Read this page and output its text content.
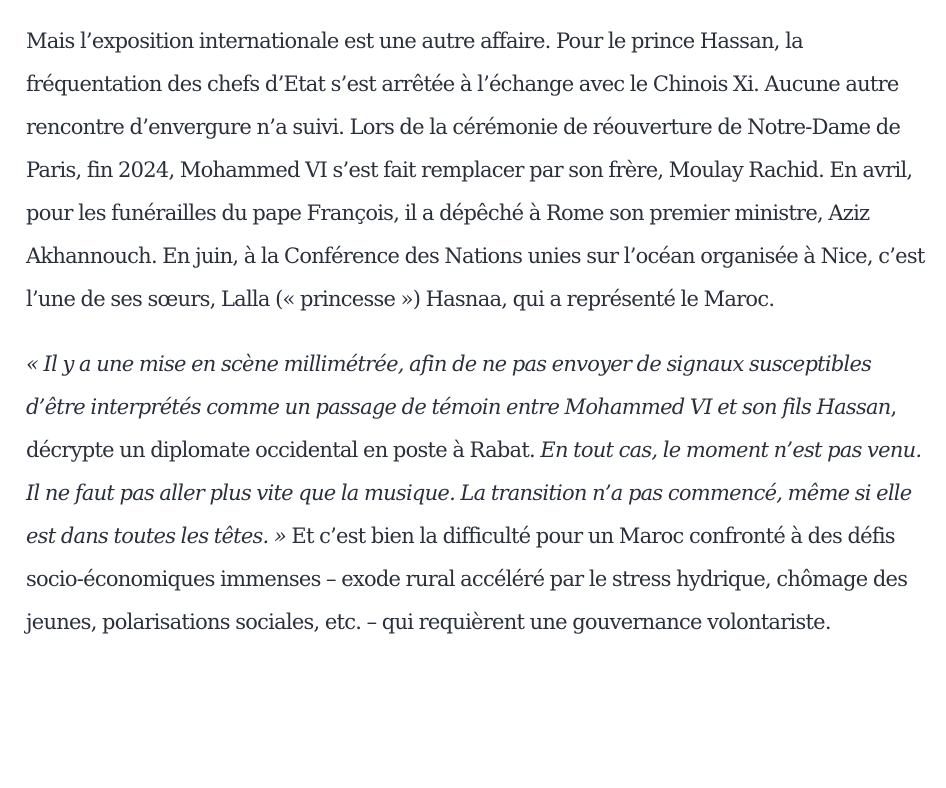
Mais l’exposition internationale est une autre affaire. Pour le prince Hassan, la fréquentation des chefs d’Etat s’est arrêtée à l’échange avec le Chinois Xi. Aucune autre rencontre d’envergure n’a suivi. Lors de la cérémonie de réouverture de Notre-Dame de Paris, fin 2024, Mohammed VI s’est fait remplacer par son frère, Moulay Rachid. En avril, pour les funérailles du pape François, il a dépêché à Rome son premier ministre, Aziz Akhannouch. En juin, à la Conférence des Nations unies sur l’océan organisée à Nice, c’est l’une de ses sœurs, Lalla (« princesse ») Hasnaa, qui a représenté le Maroc.

« Il y a une mise en scène millimétrée, afin de ne pas envoyer de signaux susceptibles d’être interprétés comme un passage de témoin entre Mohammed VI et son fils Hassan, décrypte un diplomate occidental en poste à Rabat. En tout cas, le moment n’est pas venu. Il ne faut pas aller plus vite que la musique. La transition n’a pas commencé, même si elle est dans toutes les têtes. » Et c’est bien la difficulté pour un Maroc confronté à des défis socio-économiques immenses – exode rural accéléré par le stress hydrique, chômage des jeunes, polarisations sociales, etc. – qui requièrent une gouvernance volontariste.
